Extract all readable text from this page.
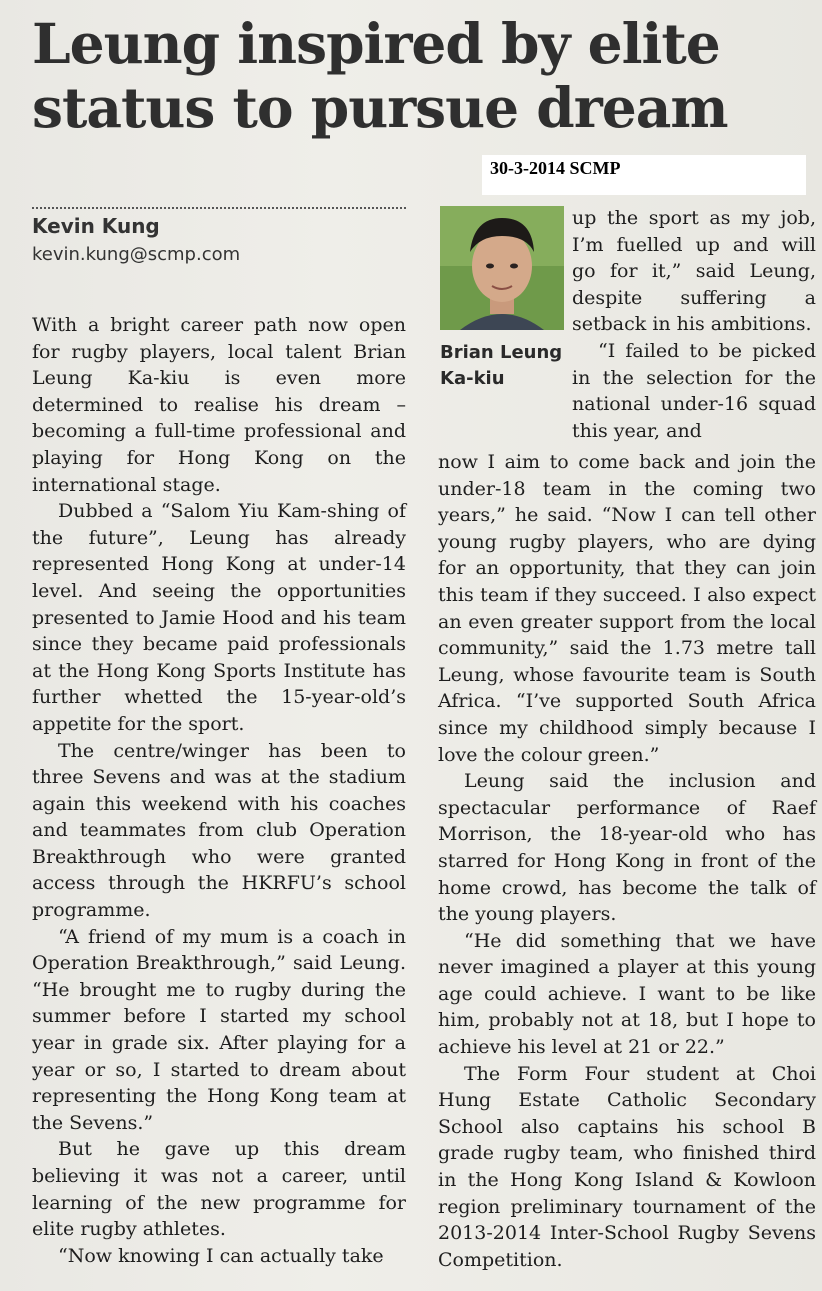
Leung inspired by elite status to pursue dream
30-3-2014 SCMP
Kevin Kung
kevin.kung@scmp.com

With a bright career path now open for rugby players, local talent Brian Leung Ka-kiu is even more determined to realise his dream – becoming a full-time professional and playing for Hong Kong on the international stage.

Dubbed a “Salom Yiu Kam-shing of the future”, Leung has already represented Hong Kong at under-14 level. And seeing the opportunities presented to Jamie Hood and his team since they became paid professionals at the Hong Kong Sports Institute has further whetted the 15-year-old’s appetite for the sport.

The centre/winger has been to three Sevens and was at the stadium again this weekend with his coaches and teammates from club Operation Breakthrough who were granted access through the HKRFU’s school programme.

“A friend of my mum is a coach in Operation Breakthrough,” said Leung. “He brought me to rugby during the summer before I started my school year in grade six. After playing for a year or so, I started to dream about representing the Hong Kong team at the Sevens.”

But he gave up this dream believing it was not a career, until learning of the new programme for elite rugby athletes.

“Now knowing I can actually take

Brian Leung Ka-kiu

up the sport as my job, I’m fuelled up and will go for it,” said Leung, despite suffering a setback in his ambitions.

“I failed to be picked in the selection for the national under-16 squad this year, and

now I aim to come back and join the under-18 team in the coming two years,” he said. “Now I can tell other young rugby players, who are dying for an opportunity, that they can join this team if they succeed. I also expect an even greater support from the local community,” said the 1.73 metre tall Leung, whose favourite team is South Africa. “I’ve supported South Africa since my childhood simply because I love the colour green.”

Leung said the inclusion and spectacular performance of Raef Morrison, the 18-year-old who has starred for Hong Kong in front of the home crowd, has become the talk of the young players.

“He did something that we have never imagined a player at this young age could achieve. I want to be like him, probably not at 18, but I hope to achieve his level at 21 or 22.”

The Form Four student at Choi Hung Estate Catholic Secondary School also captains his school B grade rugby team, who finished third in the Hong Kong Island & Kowloon region preliminary tournament of the 2013-2014 Inter-School Rugby Sevens Competition.
